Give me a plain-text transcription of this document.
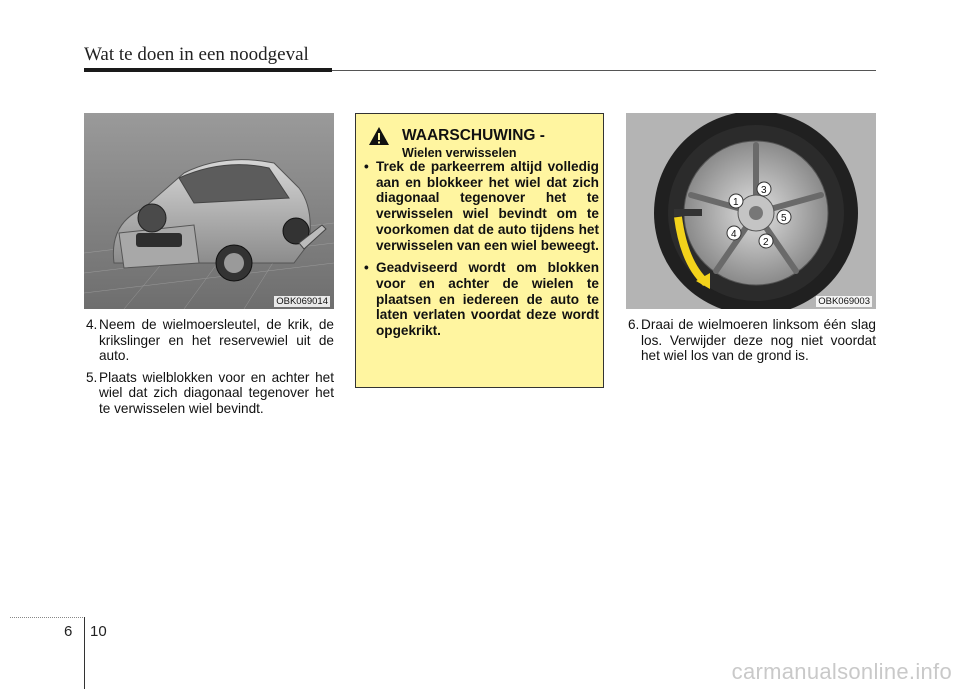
Wat te doen in een noodgeval
OBK069014
4. Neem de wielmoersleutel, de krik, de krikslinger en het reservewiel uit de auto.
5. Plaats wielblokken voor en achter het wiel dat zich diagonaal tegenover het te verwisselen wiel bevindt.
WAARSCHUWING -
Wielen verwisselen
• Trek de parkeerrem altijd volledig aan en blokkeer het wiel dat zich diagonaal tegenover het te verwisselen wiel bevindt om te voorkomen dat de auto tijdens het verwisselen van een wiel beweegt.
• Geadviseerd wordt om blokken voor en achter de wielen te plaatsen en iedereen de auto te laten verlaten voordat deze wordt opgekrikt.
1
2
3
4
5
OBK069003
6. Draai de wielmoeren linksom één slag los. Verwijder deze nog niet voordat het wiel los van de grond is.
6 10
carmanualsonline.info
